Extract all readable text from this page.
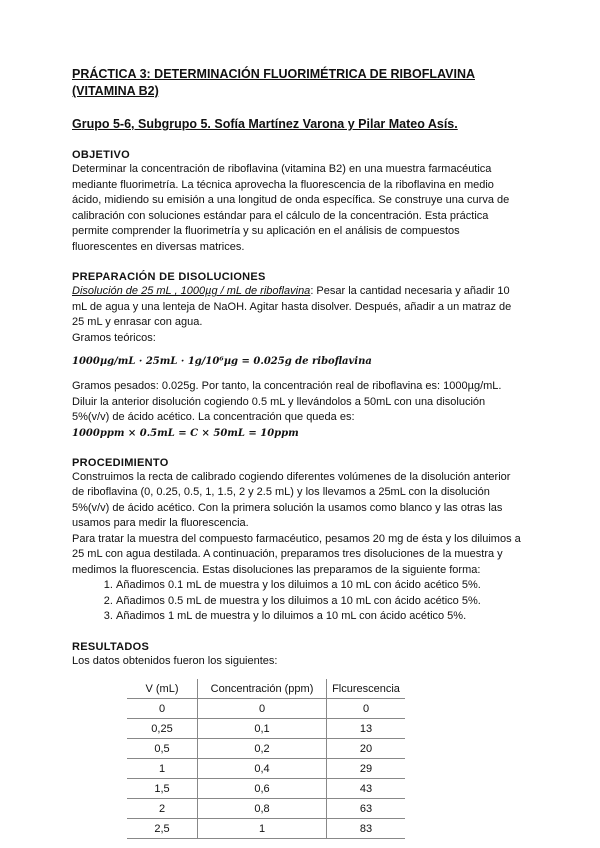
PRÁCTICA 3: DETERMINACIÓN FLUORIMÉTRICA DE RIBOFLAVINA
(VITAMINA B2)
Grupo 5-6, Subgrupo 5. Sofía Martínez Varona y Pilar Mateo Asís.
OBJETIVO

Determinar la concentración de riboflavina (vitamina B2) en una muestra farmacéutica

mediante fluorimetría. La técnica aprovecha la fluorescencia de la riboflavina en medio

ácido, midiendo su emisión a una longitud de onda específica. Se construye una curva de

calibración con soluciones estándar para el cálculo de la concentración. Esta práctica

permite comprender la fluorimetría y su aplicación en el análisis de compuestos

fluorescentes en diversas matrices.

PREPARACIÓN DE DISOLUCIONES

Disolución de 25 mL , 1000µg / mL de riboflavina: Pesar la cantidad necesaria y añadir 10

mL de agua y una lenteja de NaOH. Agitar hasta disolver. Después, añadir a un matraz de

25 mL y enrasar con agua.

Gramos teóricos:

1000µg/mL · 25mL · 1g/10⁶µg = 0.025g de riboflavina

Gramos pesados: 0.025g. Por tanto, la concentración real de riboflavina es: 1000µg/mL.

Diluir la anterior disolución cogiendo 0.5 mL y llevándolos a 50mL con una disolución

5%(v/v) de ácido acético. La concentración que queda es:

1000ppm × 0.5mL = C × 50mL = 10ppm
PROCEDIMIENTO

Construimos la recta de calibrado cogiendo diferentes volúmenes de la disolución anterior

de riboflavina (0, 0.25, 0.5, 1, 1.5, 2 y 2.5 mL) y los llevamos a 25mL con la disolución

5%(v/v) de ácido acético. Con la primera solución la usamos como blanco y las otras las

usamos para medir la fluorescencia.

Para tratar la muestra del compuesto farmacéutico, pesamos 20 mg de ésta y los diluimos a

25 mL con agua destilada. A continuación, preparamos tres disoluciones de la muestra y

medimos la fluorescencia. Estas disoluciones las preparamos de la siguiente forma:

1. Añadimos 0.1 mL de muestra y los diluimos a 10 mL con ácido acético 5%.
2. Añadimos 0.5 mL de muestra y los diluimos a 10 mL con ácido acético 5%.
3. Añadimos 1 mL de muestra y lo diluimos a 10 mL con ácido acético 5%.
RESULTADOS

Los datos obtenidos fueron los siguientes:

V (mL)	Concentración (ppm)	Flcurescencia
0	0	0
0,25	0,1	13
0,5	0,2	20
1	0,4	29
1,5	0,6	43
2	0,8	63
2,5	1	83
